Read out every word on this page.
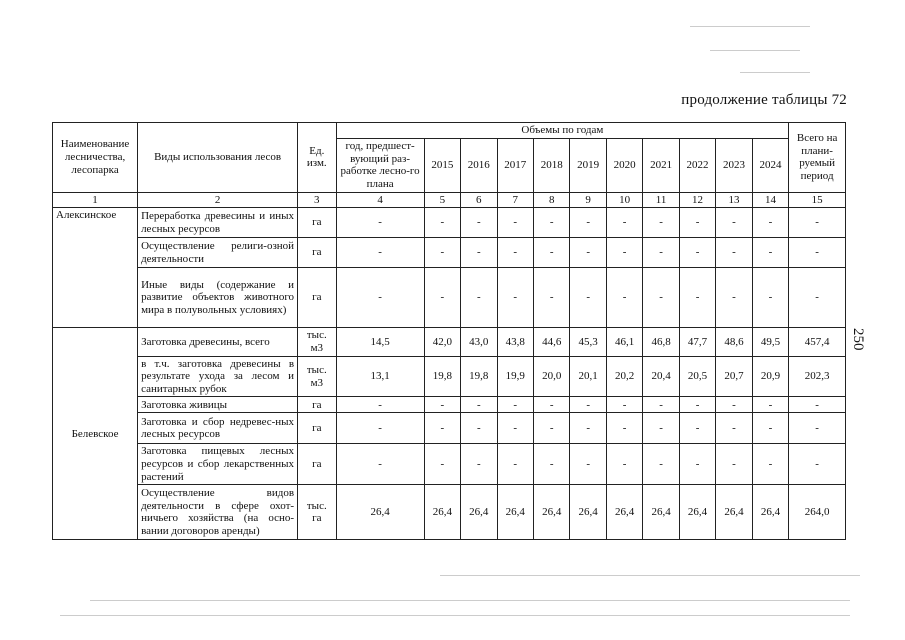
продолжение таблицы 72
250
Наименование лесничества, лесопарка	Виды использования лесов	Ед. изм.	Объемы по годам											Всего на плани-руемый период
			год, предшест-вующий раз-работке лесно-го плана	2015	2016	2017	2018	2019	2020	2021	2022	2023	2024	
1	2	3	4	5	6	7	8	9	10	11	12	13	14	15
Алексинское	Переработка древесины и иных лесных ресурсов	га	-	-	-	-	-	-	-	-	-	-	-	-
	Осуществление религи-озной деятельности	га	-	-	-	-	-	-	-	-	-	-	-	-
	Иные виды (содержание и развитие объектов животного мира в полувольных условиях)	га	-	-	-	-	-	-	-	-	-	-	-	-
Белевское	Заготовка древесины, всего	тыс. м3	14,5	42,0	43,0	43,8	44,6	45,3	46,1	46,8	47,7	48,6	49,5	457,4
	в т.ч. заготовка древесины в результате ухода за лесом и санитарных рубок	тыс. м3	13,1	19,8	19,8	19,9	20,0	20,1	20,2	20,4	20,5	20,7	20,9	202,3
	Заготовка живицы	га	-	-	-	-	-	-	-	-	-	-	-	-
	Заготовка и сбор недревес-ных лесных ресурсов	га	-	-	-	-	-	-	-	-	-	-	-	-
	Заготовка пищевых лесных ресурсов и сбор лекарственных растений	га	-	-	-	-	-	-	-	-	-	-	-	-
	Осуществление видов деятельности в сфере охот-ничьего хозяйства (на осно-вании договоров аренды)	тыс. га	26,4	26,4	26,4	26,4	26,4	26,4	26,4	26,4	26,4	26,4	26,4	264,0
